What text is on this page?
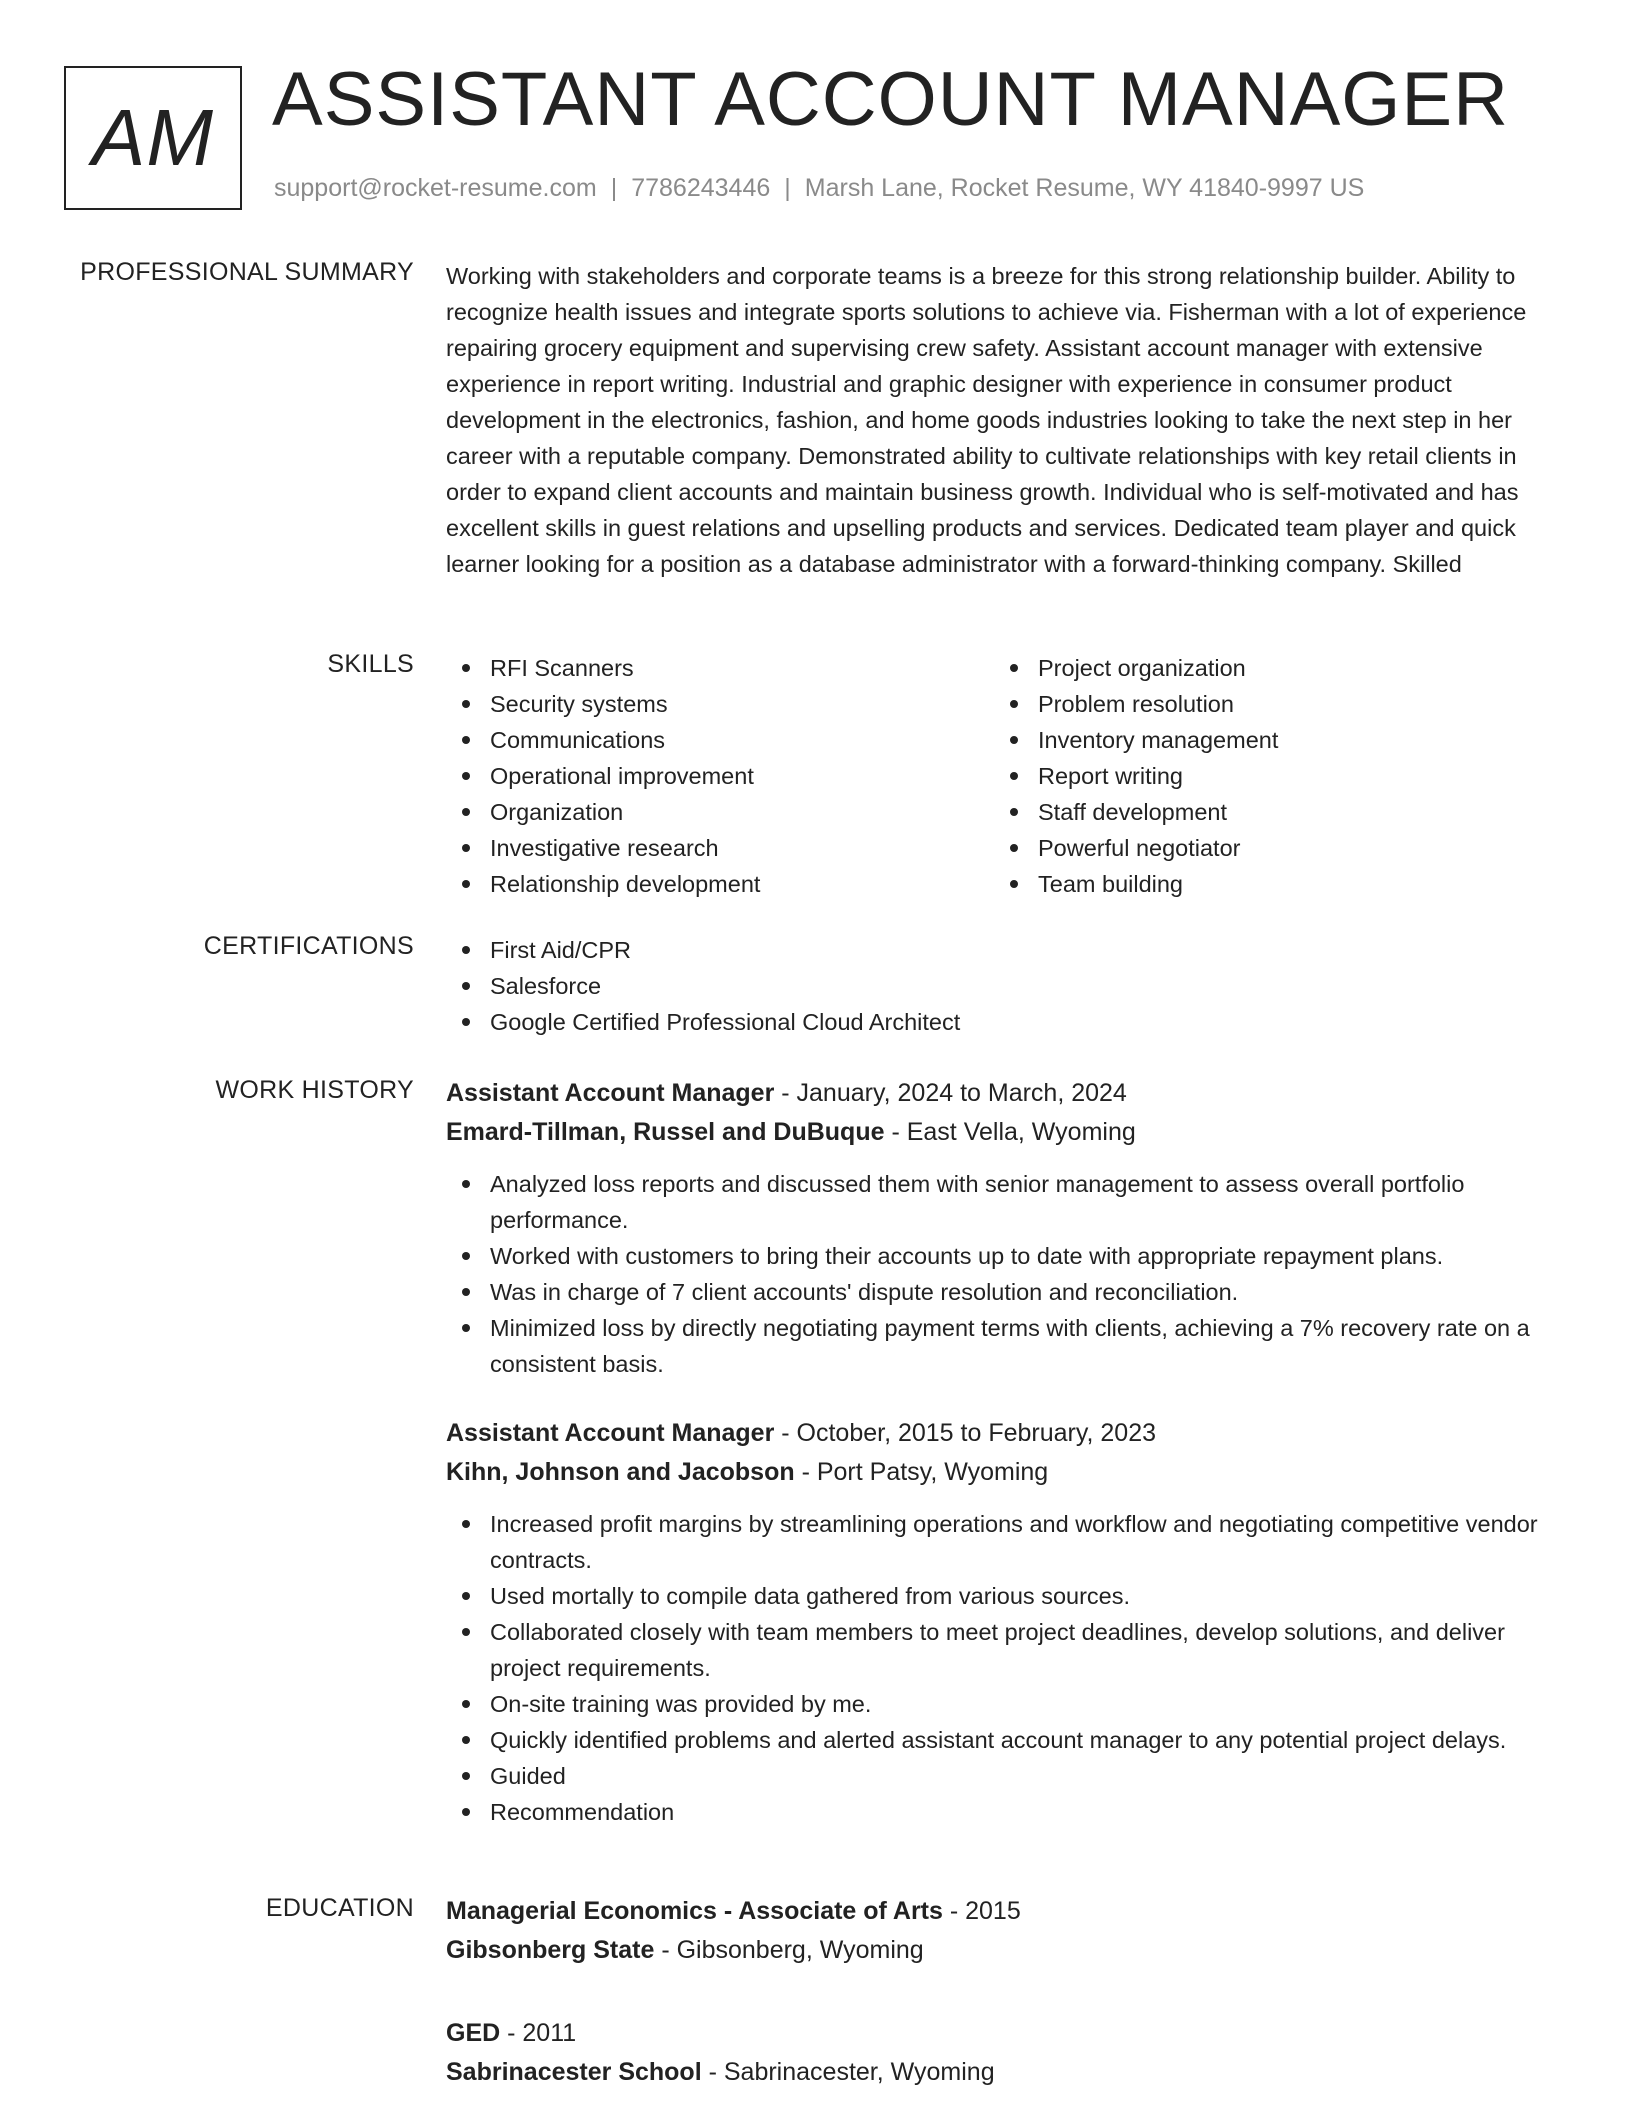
AM ASSISTANT ACCOUNT MANAGER
support@rocket-resume.com | 7786243446 | Marsh Lane, Rocket Resume, WY 41840-9997 US
PROFESSIONAL SUMMARY Working with stakeholders and corporate teams is a breeze for this strong relationship builder. Ability to recognize health issues and integrate sports solutions to achieve via. Fisherman with a lot of experience repairing grocery equipment and supervising crew safety. Assistant account manager with extensive experience in report writing. Industrial and graphic designer with experience in consumer product development in the electronics, fashion, and home goods industries looking to take the next step in her career with a reputable company. Demonstrated ability to cultivate relationships with key retail clients in order to expand client accounts and maintain business growth. Individual who is self-motivated and has excellent skills in guest relations and upselling products and services. Dedicated team player and quick learner looking for a position as a database administrator with a forward-thinking company. Skilled
SKILLS	RFI Scanners
Security systems
Communications
Operational improvement
Organization
Investigative research
Relationship development
Project organization
Problem resolution
Inventory management
Report writing
Staff development
Powerful negotiator
Team building
CERTIFICATIONS	First Aid/CPR
Salesforce
Google Certified Professional Cloud Architect
WORK HISTORY Assistant Account Manager - January, 2024 to March, 2024
Emard-Tillman, Russel and DuBuque - East Vella, Wyoming
Analyzed loss reports and discussed them with senior management to assess overall portfolio performance.
Worked with customers to bring their accounts up to date with appropriate repayment plans.
Was in charge of 7 client accounts' dispute resolution and reconciliation.
Minimized loss by directly negotiating payment terms with clients, achieving a 7% recovery rate on a consistent basis.
Assistant Account Manager - October, 2015 to February, 2023
Kihn, Johnson and Jacobson - Port Patsy, Wyoming
Increased profit margins by streamlining operations and workflow and negotiating competitive vendor contracts.
Used mortally to compile data gathered from various sources.
Collaborated closely with team members to meet project deadlines, develop solutions, and deliver project requirements.
On-site training was provided by me.
Quickly identified problems and alerted assistant account manager to any potential project delays.
Guided
Recommendation
EDUCATION Managerial Economics - Associate of Arts - 2015
Gibsonberg State - Gibsonberg, Wyoming
GED - 2011
Sabrinacester School - Sabrinacester, Wyoming
